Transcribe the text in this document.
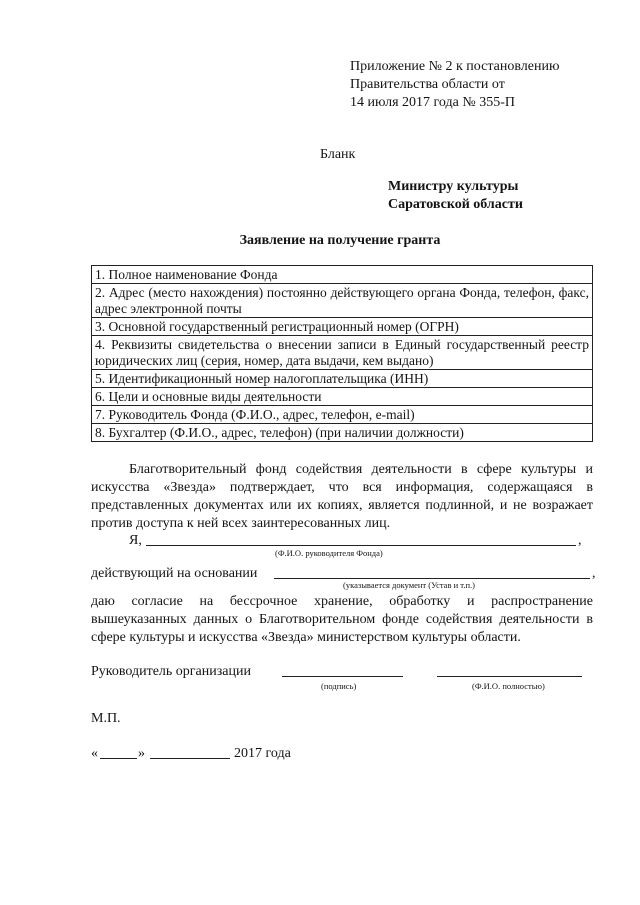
Приложение № 2 к постановлению
Правительства области от
14 июля 2017 года № 355-П
Бланк
Министру культуры
Саратовской области
Заявление на получение гранта
1. Полное наименование Фонда
2. Адрес (место нахождения) постоянно действующего органа Фонда, телефон, факс, адрес электронной почты
3. Основной государственный регистрационный номер (ОГРН)
4. Реквизиты свидетельства о внесении записи в Единый государственный реестр юридических лиц (серия, номер, дата выдачи, кем выдано)
5. Идентификационный номер налогоплательщика (ИНН)
6. Цели и основные виды деятельности
7. Руководитель Фонда (Ф.И.О., адрес, телефон, e-mail)
8. Бухгалтер (Ф.И.О., адрес, телефон) (при наличии должности)
Благотворительный фонд содействия деятельности в сфере культуры и искусства «Звезда» подтверждает, что вся информация, содержащаяся в представленных документах или их копиях, является подлинной, и не возражает против доступа к ней всех заинтересованных лиц.
Я,	,
(Ф.И.О. руководителя Фонда)
действующий на основании	,
(указывается документ (Устав и т.п.)
даю согласие на бессрочное хранение, обработку и распространение вышеуказанных данных о Благотворительном фонде содействия деятельности в сфере культуры и искусства «Звезда» министерством культуры области.
Руководитель организации
(подпись)	(Ф.И.О. полностью)
М.П.
«	»	2017 года
